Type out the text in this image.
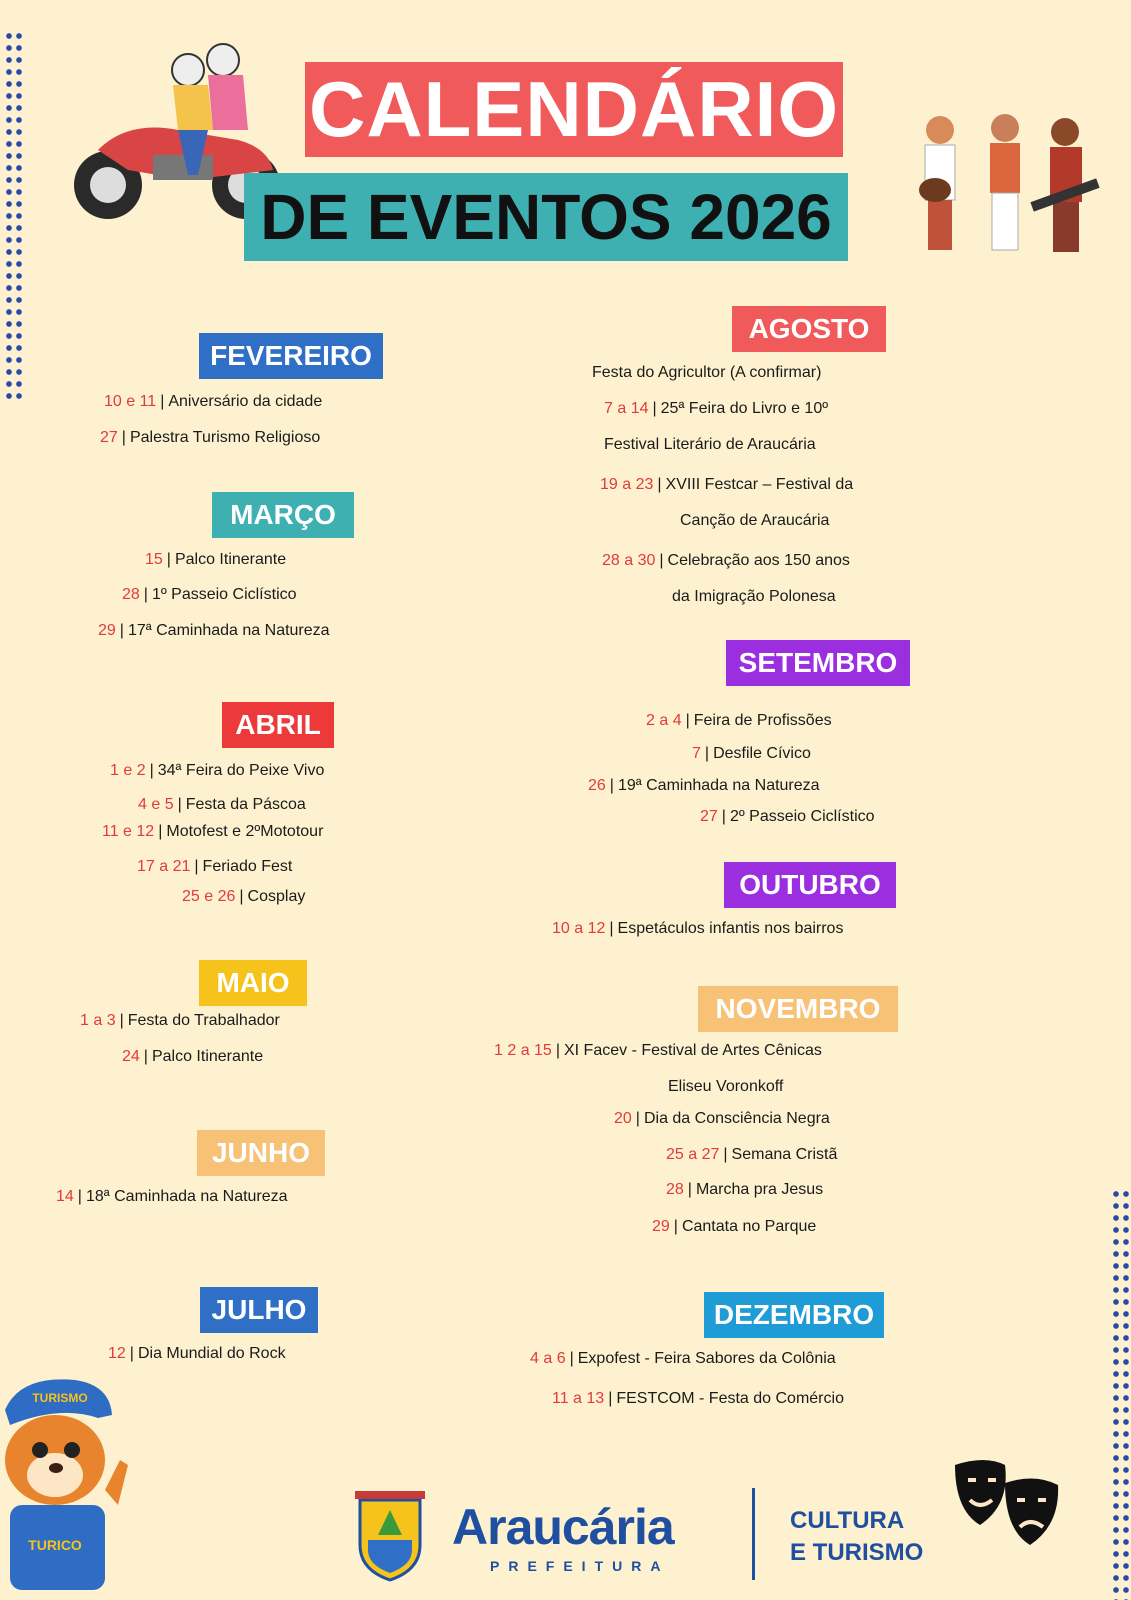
CALENDÁRIO
DE EVENTOS 2026
FEVEREIRO
10 e 11 | Aniversário da cidade
27 | Palestra Turismo Religioso
MARÇO
15 | Palco Itinerante
28 | 1º Passeio Ciclístico
29 | 17ª Caminhada na Natureza
ABRIL
1 e 2 | 34ª Feira do Peixe Vivo
4 e 5 | Festa da Páscoa
11 e 12 | Motofest e 2ºMototour
17 a 21 | Feriado Fest
25 e 26 | Cosplay
MAIO
1 a 3 | Festa do Trabalhador
24 | Palco Itinerante
JUNHO
14 | 18ª Caminhada na Natureza
JULHO
12 | Dia Mundial do Rock
AGOSTO
Festa do Agricultor (A confirmar)
7 a 14 | 25ª Feira do Livro e 10º
Festival Literário de Araucária
19 a 23 | XVIII Festcar – Festival da
Canção de Araucária
28 a 30 | Celebração aos 150 anos
da Imigração Polonesa
SETEMBRO
2 a 4 | Feira de Profissões
7 | Desfile Cívico
26 | 19ª Caminhada na Natureza
27 | 2º Passeio Ciclístico
OUTUBRO
10 a 12 | Espetáculos infantis nos bairros
NOVEMBRO
1 2 a 15 | XI Facev - Festival de Artes Cênicas
Eliseu Voronkoff
20 | Dia da Consciência Negra
25 a 27 | Semana Cristã
28 | Marcha pra Jesus
29 | Cantata no Parque
DEZEMBRO
4 a 6 | Expofest - Feira Sabores da Colônia
11 a 13 | FESTCOM - Festa do Comércio
TURISMO
TURICO	Araucária
PREFEITURA
CULTURA
E TURISMO
